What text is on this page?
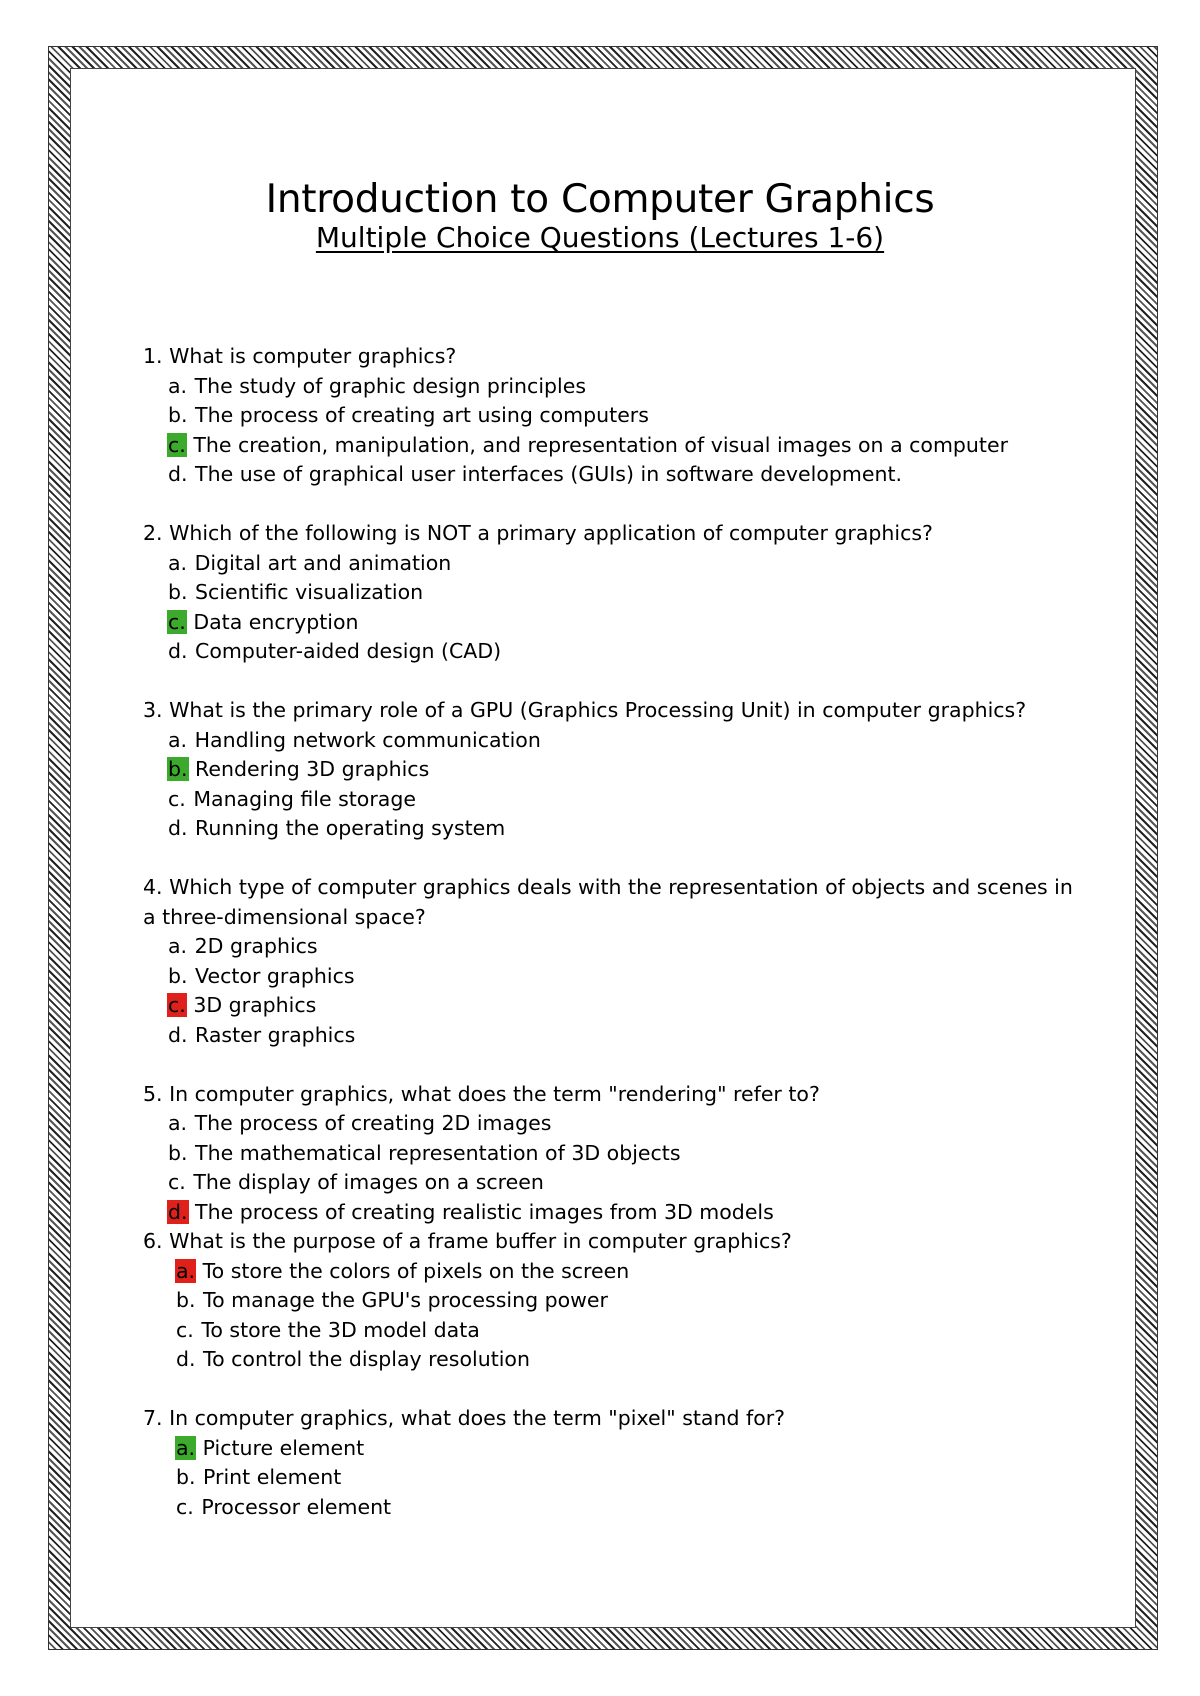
Introduction to Computer Graphics
Multiple Choice Questions (Lectures 1-6)
1. What is computer graphics?
a. The study of graphic design principles
b. The process of creating art using computers
c. The creation, manipulation, and representation of visual images on a computer
d. The use of graphical user interfaces (GUIs) in software development.
2. Which of the following is NOT a primary application of computer graphics?
a. Digital art and animation
b. Scientific visualization
c. Data encryption
d. Computer-aided design (CAD)
3. What is the primary role of a GPU (Graphics Processing Unit) in computer graphics?
a. Handling network communication
b. Rendering 3D graphics
c. Managing file storage
d. Running the operating system
4. Which type of computer graphics deals with the representation of objects and scenes in a three-dimensional space?
a. 2D graphics
b. Vector graphics
c. 3D graphics
d. Raster graphics
5. In computer graphics, what does the term "rendering" refer to?
a. The process of creating 2D images
b. The mathematical representation of 3D objects
c. The display of images on a screen
d. The process of creating realistic images from 3D models
6. What is the purpose of a frame buffer in computer graphics?
a. To store the colors of pixels on the screen
b. To manage the GPU's processing power
c. To store the 3D model data
d. To control the display resolution
7. In computer graphics, what does the term "pixel" stand for?
a. Picture element
b. Print element
c. Processor element
